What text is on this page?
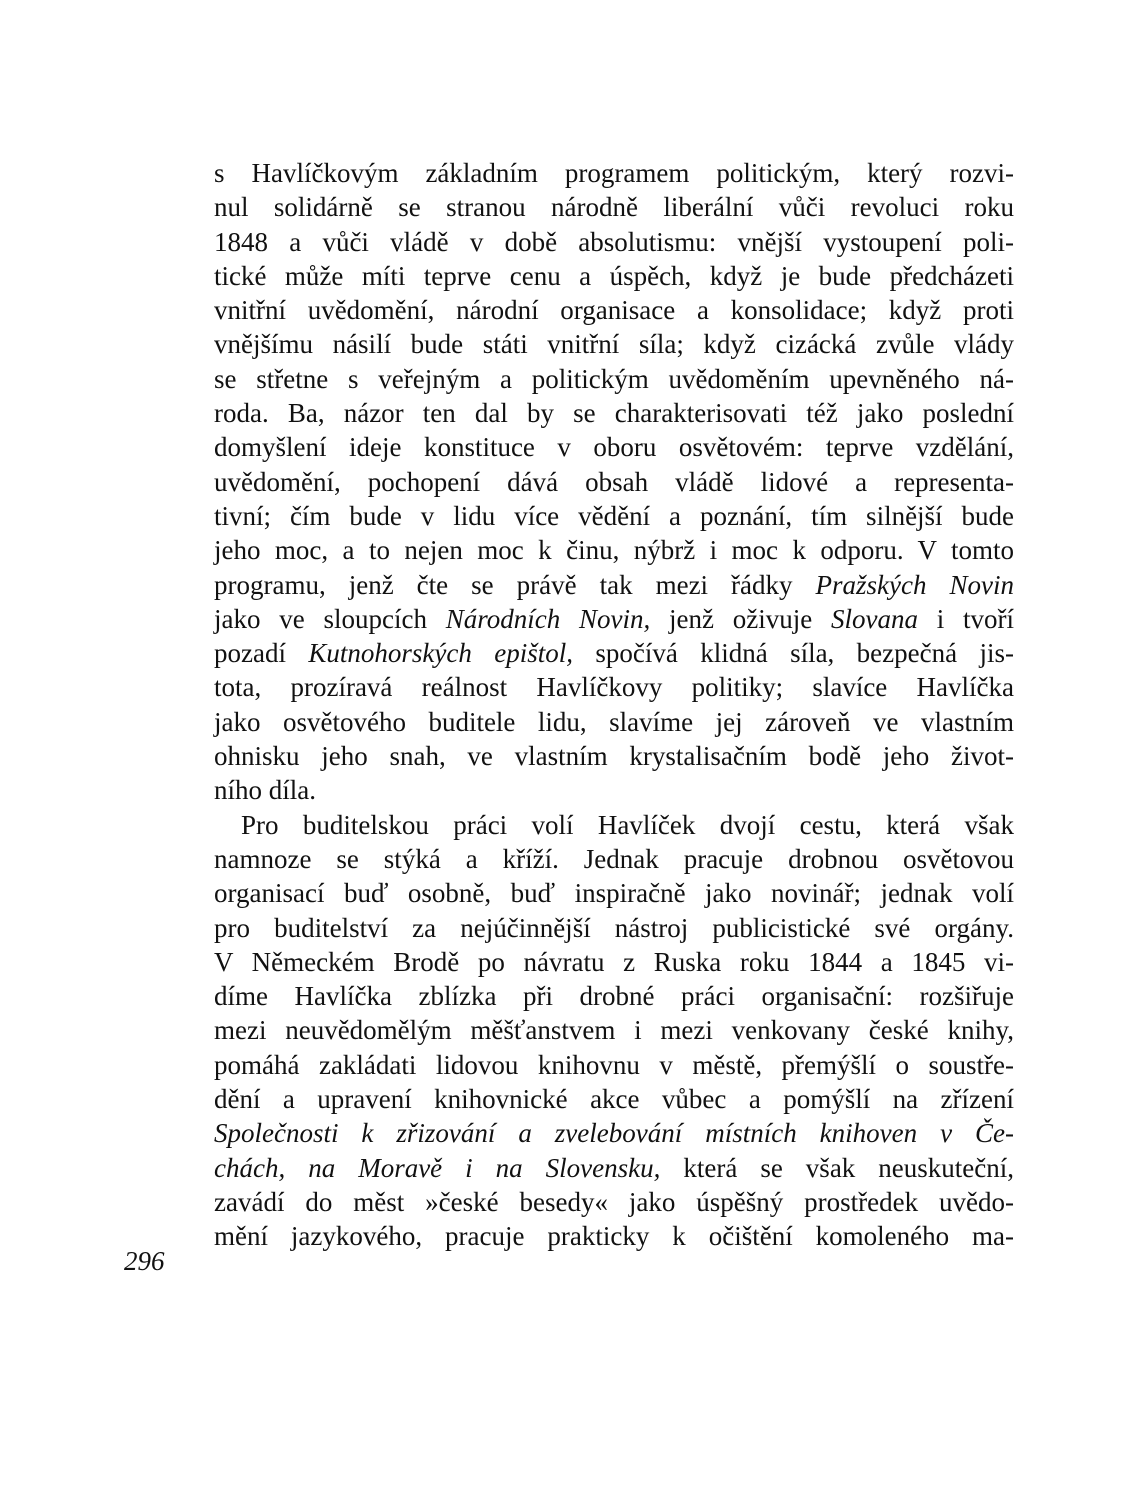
s Havlíčkovým základním programem politickým, který rozvi-
nul solidárně se stranou národně liberální vůči revoluci roku
1848 a vůči vládě v době absolutismu: vnější vystoupení poli-
tické může míti teprve cenu a úspěch, když je bude předcházeti
vnitřní uvědomění, národní organisace a konsolidace; když proti
vnějšímu násilí bude státi vnitřní síla; když cizácká zvůle vlády
se střetne s veřejným a politickým uvědoměním upevněného ná-
roda. Ba, názor ten dal by se charakterisovati též jako poslední
domyšlení ideje konstituce v oboru osvětovém: teprve vzdělání,
uvědomění, pochopení dává obsah vládě lidové a representa-
tivní; čím bude v lidu více vědění a poznání, tím silnější bude
jeho moc, a to nejen moc k činu, nýbrž i moc k odporu. V tomto
programu, jenž čte se právě tak mezi řádky Pražských Novin
jako ve sloupcích Národních Novin, jenž oživuje Slovana i tvoří
pozadí Kutnohorských epištol, spočívá klidná síla, bezpečná jis-
tota, prozíravá reálnost Havlíčkovy politiky; slavíce Havlíčka
jako osvětového buditele lidu, slavíme jej zároveň ve vlastním
ohnisku jeho snah, ve vlastním krystalisačním bodě jeho život-
ního díla.
Pro buditelskou práci volí Havlíček dvojí cestu, která však
namnoze se stýká a kříží. Jednak pracuje drobnou osvětovou
organisací buď osobně, buď inspiračně jako novinář; jednak volí
pro buditelství za nejúčinnější nástroj publicistické své orgány.
V Německém Brodě po návratu z Ruska roku 1844 a 1845 vi-
díme Havlíčka zblízka při drobné práci organisační: rozšiřuje
mezi neuvědomělým měšťanstvem i mezi venkovany české knihy,
pomáhá zakládati lidovou knihovnu v městě, přemýšlí o soustře-
dění a upravení knihovnické akce vůbec a pomýšlí na zřízení
Společnosti k zřizování a zvelebování místních knihoven v Če-
chách, na Moravě i na Slovensku, která se však neuskuteční,
zavádí do měst »české besedy« jako úspěšný prostředek uvědo-
mění jazykového, pracuje prakticky k očištění komoleného ma-
296
